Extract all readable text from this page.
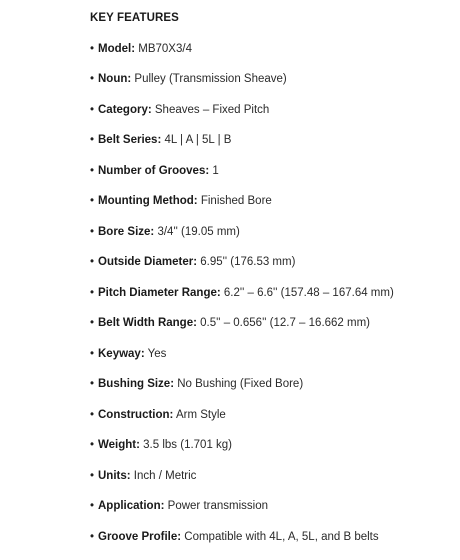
KEY FEATURES
• Model: MB70X3/4
• Noun: Pulley (Transmission Sheave)
• Category: Sheaves – Fixed Pitch
• Belt Series: 4L | A | 5L | B
• Number of Grooves: 1
• Mounting Method: Finished Bore
• Bore Size: 3/4'' (19.05 mm)
• Outside Diameter: 6.95'' (176.53 mm)
• Pitch Diameter Range: 6.2'' – 6.6'' (157.48 – 167.64 mm)
• Belt Width Range: 0.5'' – 0.656'' (12.7 – 16.662 mm)
• Keyway: Yes
• Bushing Size: No Bushing (Fixed Bore)
• Construction: Arm Style
• Weight: 3.5 lbs (1.701 kg)
• Units: Inch / Metric
• Application: Power transmission
• Groove Profile: Compatible with 4L, A, 5L, and B belts
